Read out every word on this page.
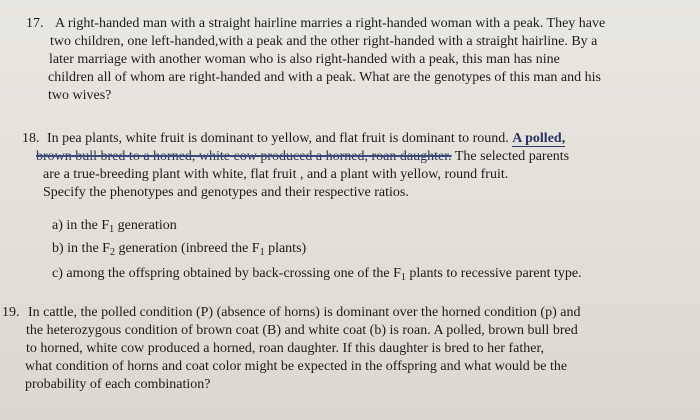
17. A right-handed man with a straight hairline marries a right-handed woman with a peak. They have
two children, one left-handed,with a peak and the other right-handed with a straight hairline. By a
later marriage with another woman who is also right-handed with a peak, this man has nine
children all of whom are right-handed and with a peak. What are the genotypes of this man and his
two wives?
18. In pea plants, white fruit is dominant to yellow, and flat fruit is dominant to round. A polled,
brown bull bred to a horned, white cow produced a horned, roan daughter. The selected parents
are a true-breeding plant with white, flat fruit , and a plant with yellow, round fruit.
Specify the phenotypes and genotypes and their respective ratios.
a) in the $F_1$ generation
b) in the $F_2$ generation (inbreed the $F_1$ plants)
c) among the offspring obtained by back-crossing one of the $F_1$ plants to recessive parent type.
19. In cattle, the polled condition (P) (absence of horns) is dominant over the horned condition (p) and
the heterozygous condition of brown coat (B) and white coat (b) is roan. A polled, brown bull bred
to horned, white cow produced a horned, roan daughter. If this daughter is bred to her father,
what condition of horns and coat color might be expected in the offspring and what would be the
probability of each combination?
